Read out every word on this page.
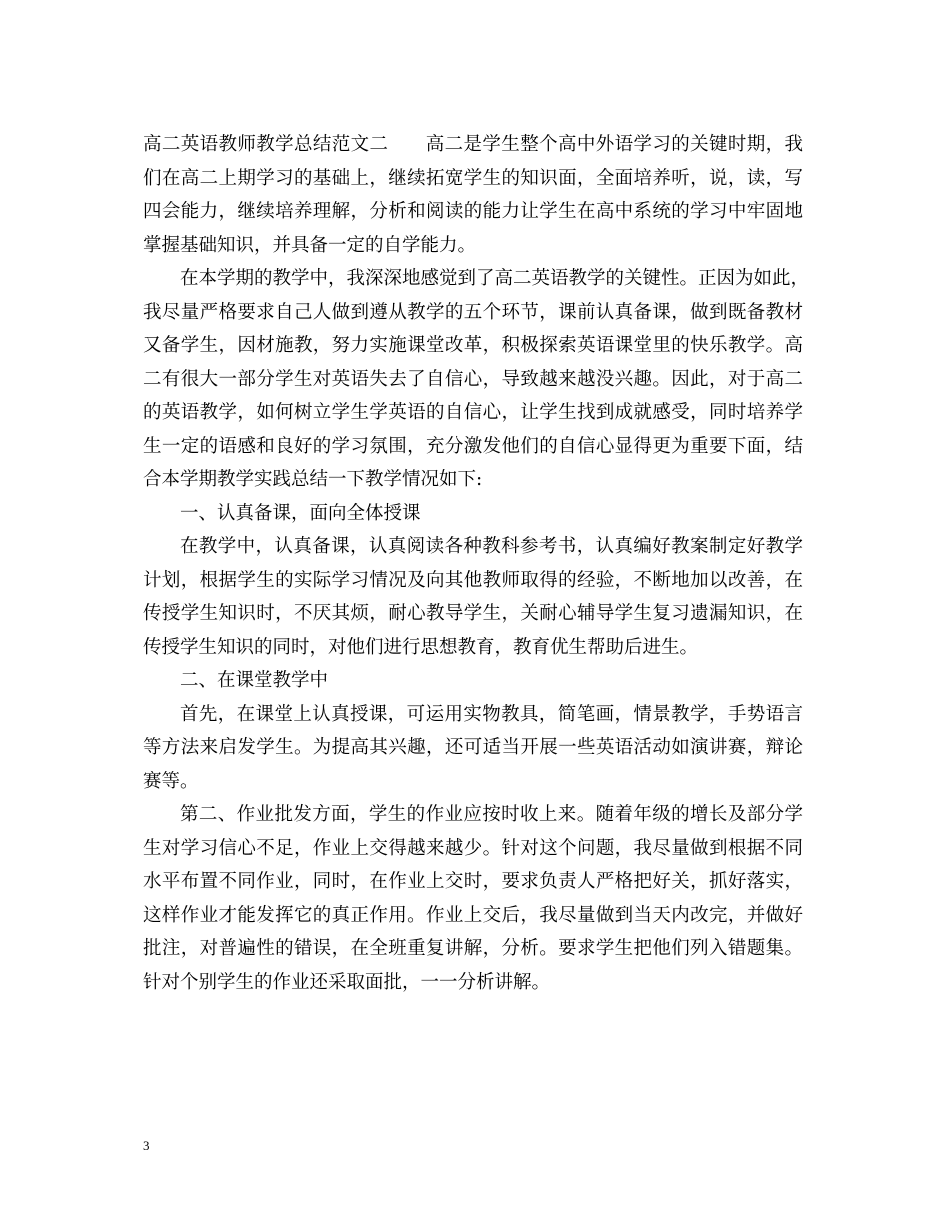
高二英语教师教学总结范文二 高二是学生整个高中外语学习的关键时期，我
们在高二上期学习的基础上，继续拓宽学生的知识面，全面培养听，说，读，写
四会能力，继续培养理解，分析和阅读的能力让学生在高中系统的学习中牢固地
掌握基础知识，并具备一定的自学能力。
在本学期的教学中，我深深地感觉到了高二英语教学的关键性。正因为如此，
我尽量严格要求自己人做到遵从教学的五个环节，课前认真备课，做到既备教材
又备学生，因材施教，努力实施课堂改革，积极探索英语课堂里的快乐教学。高
二有很大一部分学生对英语失去了自信心，导致越来越没兴趣。因此，对于高二
的英语教学，如何树立学生学英语的自信心，让学生找到成就感受，同时培养学
生一定的语感和良好的学习氛围，充分激发他们的自信心显得更为重要下面，结
合本学期教学实践总结一下教学情况如下:
一、认真备课，面向全体授课
在教学中，认真备课，认真阅读各种教科参考书，认真编好教案制定好教学
计划，根据学生的实际学习情况及向其他教师取得的经验，不断地加以改善，在
传授学生知识时，不厌其烦，耐心教导学生，关耐心辅导学生复习遗漏知识，在
传授学生知识的同时，对他们进行思想教育，教育优生帮助后进生。
二、在课堂教学中
首先，在课堂上认真授课，可运用实物教具，简笔画，情景教学，手势语言
等方法来启发学生。为提高其兴趣，还可适当开展一些英语活动如演讲赛，辩论
赛等。
第二、作业批发方面，学生的作业应按时收上来。随着年级的增长及部分学
生对学习信心不足，作业上交得越来越少。针对这个问题，我尽量做到根据不同
水平布置不同作业，同时，在作业上交时，要求负责人严格把好关，抓好落实，
这样作业才能发挥它的真正作用。作业上交后，我尽量做到当天内改完，并做好
批注，对普遍性的错误，在全班重复讲解，分析。要求学生把他们列入错题集。
针对个别学生的作业还采取面批，一一分析讲解。
3
